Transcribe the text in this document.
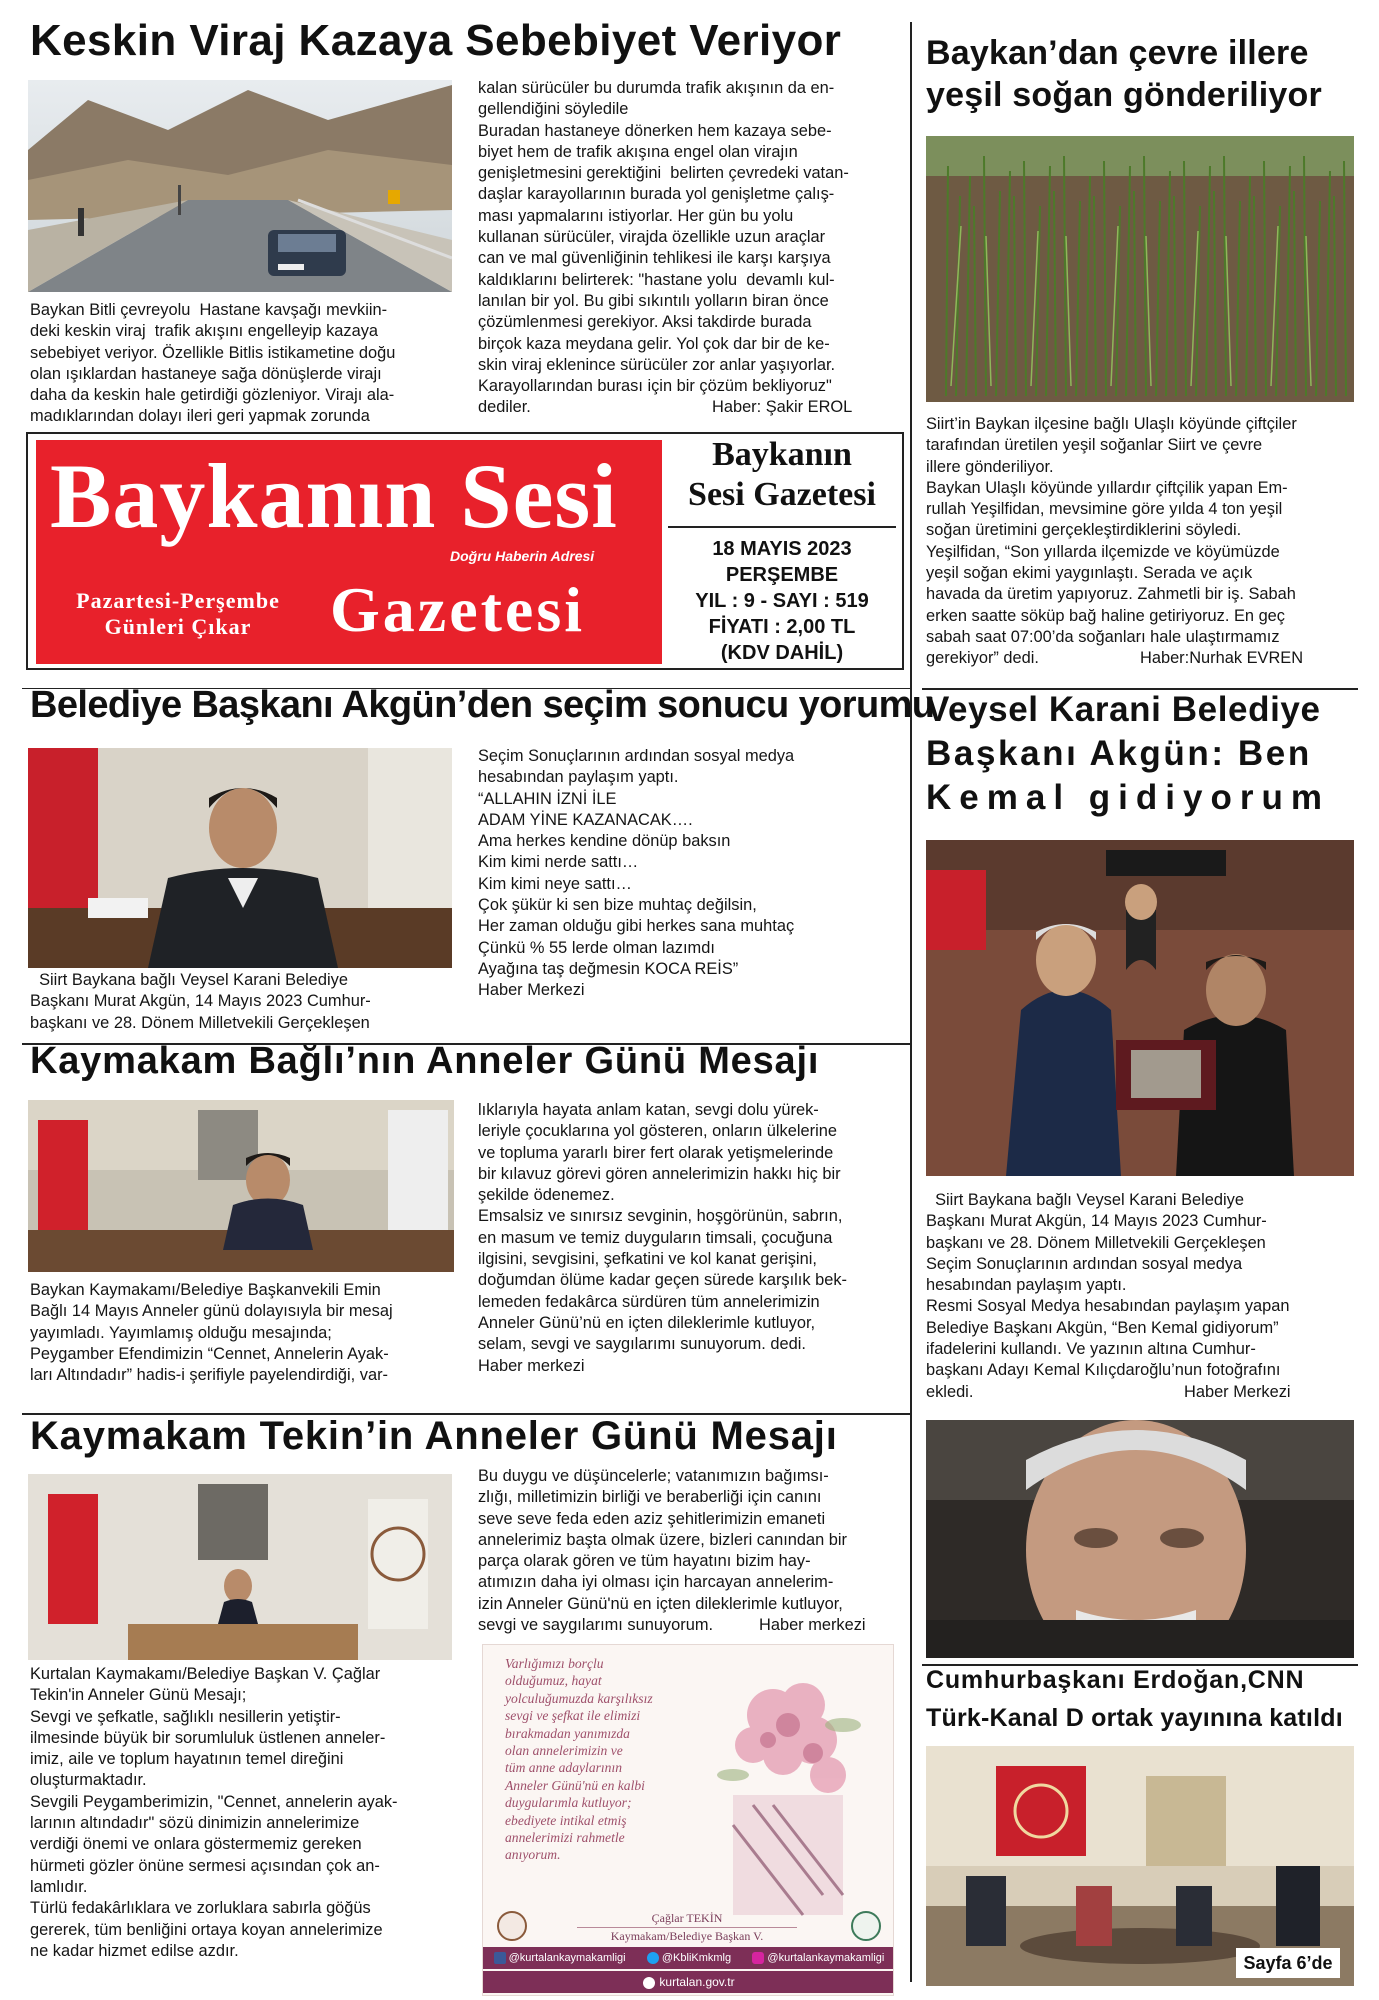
Keskin Viraj Kazaya Sebebiyet Veriyor

Baykan Bitli çevreyolu  Hastane kavşağı mevkiin-

deki keskin viraj  trafik akışını engelleyip kazaya

sebebiyet veriyor. Özellikle Bitlis istikametine doğu

olan ışıklardan hastaneye sağa dönüşlerde virajı

daha da keskin hale getirdiği gözleniyor. Virajı ala-

madıklarından dolayı ileri geri yapmak zorunda

kalan sürücüler bu durumda trafik akışının da en-

gellendiğini söyledile

Buradan hastaneye dönerken hem kazaya sebe-

biyet hem de trafik akışına engel olan virajın

genişletmesini gerektiğini  belirten çevredeki vatan-

daşlar karayollarının burada yol genişletme çalış-

ması yapmalarını istiyorlar. Her gün bu yolu

kullanan sürücüler, virajda özellikle uzun araçlar

can ve mal güvenliğinin tehlikesi ile karşı karşıya

kaldıklarını belirterek: "hastane yolu  devamlı kul-

lanılan bir yol. Bu gibi sıkıntılı yolların biran önce

çözümlenmesi gerekiyor. Aksi takdirde burada

birçok kaza meydana gelir. Yol çok dar bir de ke-

skin viraj eklenince sürücüler zor anlar yaşıyorlar.

Karayollarından burası için bir çözüm bekliyoruz"

dediler.	Haber: Şakir EROL
Baykanın Sesi
Doğru Haberin Adresi
Pazartesi-Perşembe
Günleri Çıkar	Gazetesi
Baykanın
Sesi Gazetesi
18 MAYIS 2023
PERŞEMBE
YIL : 9 - SAYI : 519
FİYATI : 2,00 TL
(KDV DAHİL)
Baykan’dan çevre illere
yeşil soğan gönderiliyor

Siirt’in Baykan ilçesine bağlı Ulaşlı köyünde çiftçiler

tarafından üretilen yeşil soğanlar Siirt ve çevre

illere gönderiliyor.

Baykan Ulaşlı köyünde yıllardır çiftçilik yapan Em-

rullah Yeşilfidan, mevsimine göre yılda 4 ton yeşil

soğan üretimini gerçekleştirdiklerini söyledi.

Yeşilfidan, “Son yıllarda ilçemizde ve köyümüzde

yeşil soğan ekimi yaygınlaştı. Serada ve açık

havada da üretim yapıyoruz. Zahmetli bir iş. Sabah

erken saatte söküp bağ haline getiriyoruz. En geç

sabah saat 07:00’da soğanları hale ulaştırmamız

gerekiyor” dedi.	Haber:Nurhak EVREN
Belediye Başkanı Akgün’den seçim sonucu yorumu

Siirt Baykana bağlı Veysel Karani Belediye

Başkanı Murat Akgün, 14 Mayıs 2023 Cumhur-

başkanı ve 28. Dönem Milletvekili Gerçekleşen

Seçim Sonuçlarının ardından sosyal medya

hesabından paylaşım yaptı.

“ALLAHIN İZNİ İLE

ADAM YİNE KAZANACAK….

Ama herkes kendine dönüp baksın

Kim kimi nerde sattı…

Kim kimi neye sattı…

Çok şükür ki sen bize muhtaç değilsin,

Her zaman olduğu gibi herkes sana muhtaç

Çünkü % 55 lerde olman lazımdı

Ayağına taş değmesin KOCA REİS”

Haber Merkezi

Veysel Karani Belediye
Başkanı Akgün: Ben
Kemal gidiyorum

Siirt Baykana bağlı Veysel Karani Belediye

Başkanı Murat Akgün, 14 Mayıs 2023 Cumhur-

başkanı ve 28. Dönem Milletvekili Gerçekleşen

Seçim Sonuçlarının ardından sosyal medya

hesabından paylaşım yaptı.

Resmi Sosyal Medya hesabından paylaşım yapan

Belediye Başkanı Akgün, “Ben Kemal gidiyorum”

ifadelerini kullandı. Ve yazının altına Cumhur-

başkanı Adayı Kemal Kılıçdaroğlu’nun fotoğrafını

ekledi.	Haber Merkezi
Kaymakam Bağlı’nın Anneler Günü Mesajı

Baykan Kaymakamı/Belediye Başkanvekili Emin

Bağlı 14 Mayıs Anneler günü dolayısıyla bir mesaj

yayımladı. Yayımlamış olduğu mesajında;

Peygamber Efendimizin “Cennet, Annelerin Ayak-

ları Altındadır” hadis-i şerifiyle payelendirdiği, var-

lıklarıyla hayata anlam katan, sevgi dolu yürek-

leriyle çocuklarına yol gösteren, onların ülkelerine

ve topluma yararlı birer fert olarak yetişmelerinde

bir kılavuz görevi gören annelerimizin hakkı hiç bir

şekilde ödenemez.

Emsalsiz ve sınırsız sevginin, hoşgörünün, sabrın,

en masum ve temiz duyguların timsali, çocuğuna

ilgisini, sevgisini, şefkatini ve kol kanat gerişini,

doğumdan ölüme kadar geçen sürede karşılık bek-

lemeden fedakârca sürdüren tüm annelerimizin

Anneler Günü’nü en içten dileklerimle kutluyor,

selam, sevgi ve saygılarımı sunuyorum. dedi.

Haber merkezi

Kaymakam Tekin’in Anneler Günü Mesajı

Kurtalan Kaymakamı/Belediye Başkan V. Çağlar

Tekin'in Anneler Günü Mesajı;

Sevgi ve şefkatle, sağlıklı nesillerin yetiştir-

ilmesinde büyük bir sorumluluk üstlenen anneler-

imiz, aile ve toplum hayatının temel direğini

oluşturmaktadır.

Sevgili Peygamberimizin, "Cennet, annelerin ayak-

larının altındadır" sözü dinimizin annelerimize

verdiği önemi ve onlara göstermemiz gereken

hürmeti gözler önüne sermesi açısından çok an-

lamlıdır.

Türlü fedakârlıklara ve zorluklara sabırla göğüs

gererek, tüm benliğini ortaya koyan annelerimize

ne kadar hizmet edilse azdır.

Bu duygu ve düşüncelerle; vatanımızın bağımsı-

zlığı, milletimizin birliği ve beraberliği için canını

seve seve feda eden aziz şehitlerimizin emaneti

annelerimiz başta olmak üzere, bizleri canından bir

parça olarak gören ve tüm hayatını bizim hay-

atımızın daha iyi olması için harcayan annelerim-

izin Anneler Günü'nü en içten dileklerimle kutluyor,

sevgi ve saygılarımı sunuyorum.	Haber merkezi
Varlığımızı borçlu
olduğumuz, hayat
yolculuğumuzda karşılıksız
sevgi ve şefkat ile elimizi
bırakmadan yanımızda
olan annelerimizin ve
tüm anne adaylarının
Anneler Günü'nü en kalbi
duygularımla kutluyor;
ebediyete intikal etmiş
annelerimizi rahmetle
anıyorum.
Çağlar TEKİN
Kaymakam/Belediye Başkan V.
@kurtalankaymakamligi	@KbliKmkmlg	@kurtalankaymakamligi
kurtalan.gov.tr
Cumhurbaşkanı Erdoğan,CNN
Türk-Kanal D ortak yayınına katıldı
Sayfa 6’de
